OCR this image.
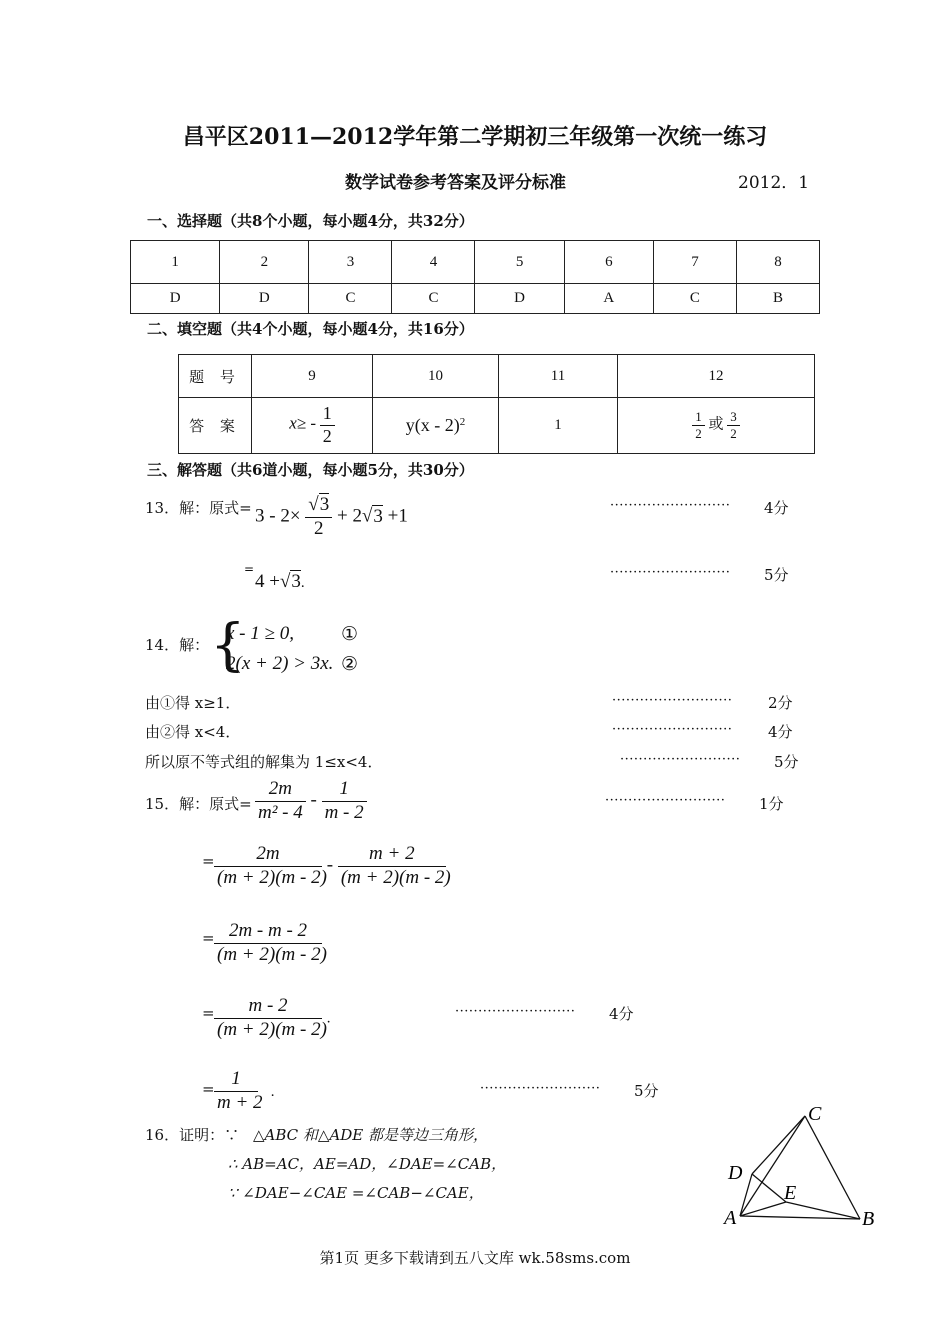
昌平区2011—2012学年第二学期初三年级第一次统一练习
数学试卷参考答案及评分标准	2012．1
一、选择题（共8个小题，每小题4分，共32分）
1	2	3	4	5	6	7	8
D	D	C	C	D	A	C	B
二、填空题（共4个小题，每小题4分，共16分）
题 号	9	10	11	12
答 案	$x\ge - \frac{1}{2}$	y(x - 2)$^2$	1	$\frac{1}{2}$ 或 $\frac{3}{2}$
三、解答题（共6道小题，每小题5分，共30分）
13．解：原式= $3 - 2\times \frac{√3}{2} + 2√3 +1$
·························· 4分
=
4 +√3.
·························· 5分
14．解： {
x - 1 ≥ 0, ①
2(x + 2) > 3x. ②
由①得 x≥1．	·························· 2分
由②得 x<4．	·························· 4分
所以原不等式组的解集为 1≤x<4．	·························· 5分
15．解：原式= $\frac{2m}{\text{m² - 4}} - \frac{1}{m - 2}$	·························· 1分
= $\frac{2m}{(m + 2)(m - 2)} - \frac{m + 2}{(m + 2)(m - 2)}$
= $\frac{2m - m - 2}{(m + 2)(m - 2)}$
= $\frac{m - 2}{(m + 2)(m - 2)}$ .	·························· 4分
= $\frac{1}{m + 2}$ .	·························· 5分
16．证明：∵ △ABC 和△ADE 都是等边三角形，
∴ AB=AC，AE=AD，∠DAE=∠CAB，
∵ ∠DAE−∠CAE =∠CAB−∠CAE，
C
D
E
A	B
第1页 更多下载请到五八文库 wk.58sms.com
